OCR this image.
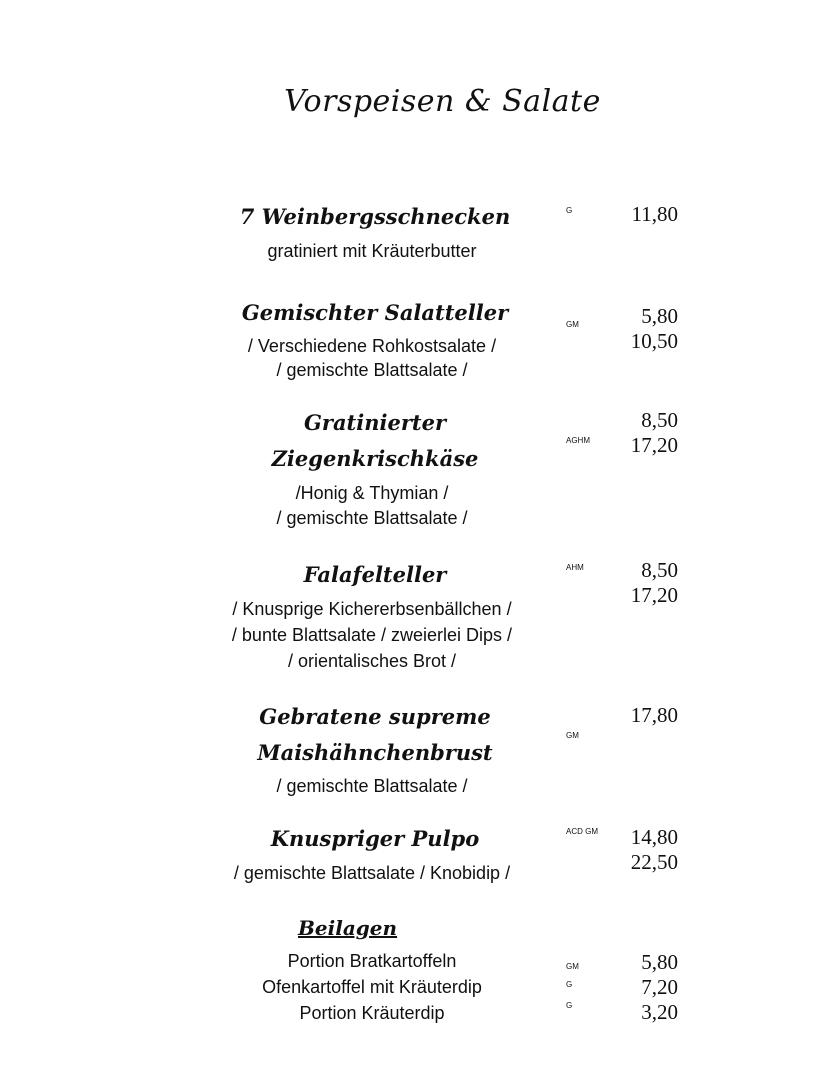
Vorspeisen & Salate
7 Weinbergsschnecken
gratiniert mit Kräuterbutter
G	11,80
Gemischter Salatteller
/ Verschiedene Rohkostsalate /
/ gemischte Blattsalate /
GM	5,80
10,50
Gratinierter
Ziegenkrischkäse
/Honig & Thymian /
/ gemischte Blattsalate /
AGHM
8,50
17,20
Falafelteller
/ Knusprige Kichererbsenbällchen /
/ bunte Blattsalate / zweierlei Dips /
/ orientalisches Brot /
AHM	8,50
17,20
Gebratene supreme
Maishähnchenbrust
/ gemischte Blattsalate /
GM
17,80
Knuspriger Pulpo
/ gemischte Blattsalate / Knobidip /
ACD GM	14,80
22,50
Beilagen
Portion Bratkartoffeln	GM	5,80
Ofenkartoffel mit Kräuterdip	G	7,20
Portion Kräuterdip	G	3,20
